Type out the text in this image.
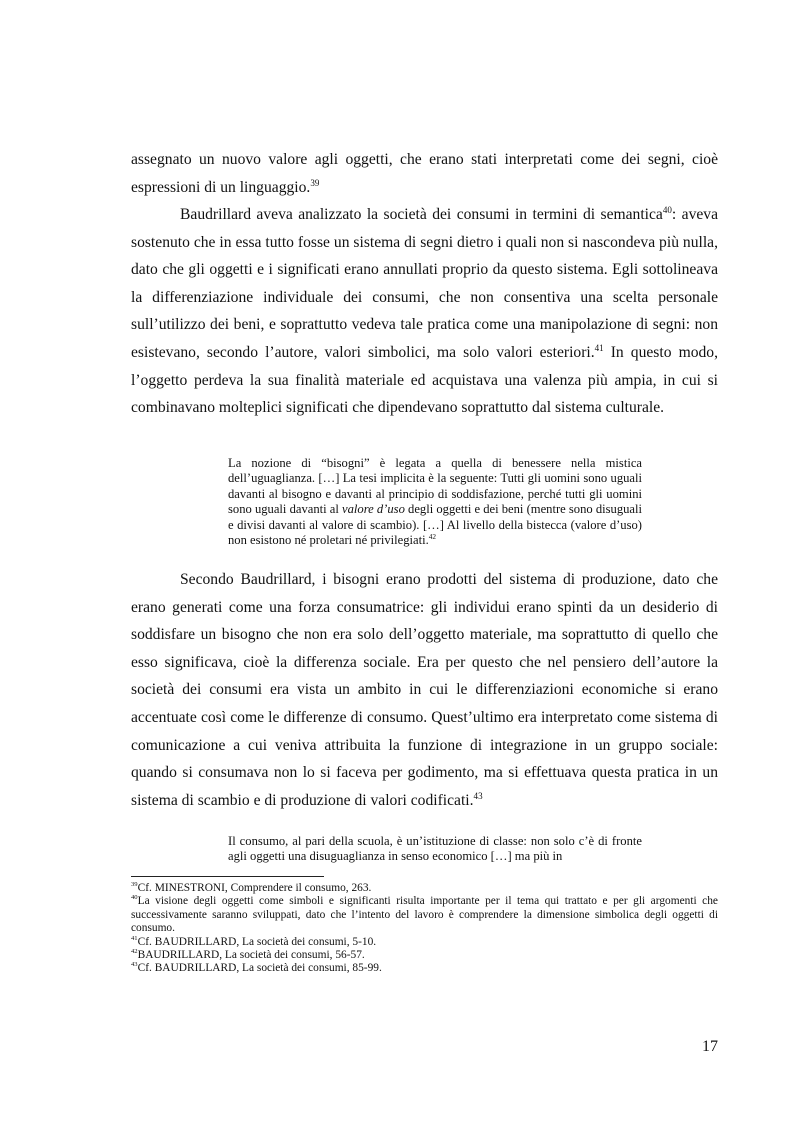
assegnato un nuovo valore agli oggetti, che erano stati interpretati come dei segni, cioè espressioni di un linguaggio.$^{39}$

Baudrillard aveva analizzato la società dei consumi in termini di semantica$^{40}$: aveva sostenuto che in essa tutto fosse un sistema di segni dietro i quali non si nascondeva più nulla, dato che gli oggetti e i significati erano annullati proprio da questo sistema. Egli sottolineava la differenziazione individuale dei consumi, che non consentiva una scelta personale sull’utilizzo dei beni, e soprattutto vedeva tale pratica come una manipolazione di segni: non esistevano, secondo l’autore, valori simbolici, ma solo valori esteriori.$^{41}$ In questo modo, l’oggetto perdeva la sua finalità materiale ed acquistava una valenza più ampia, in cui si combinavano molteplici significati che dipendevano soprattutto dal sistema culturale.

La nozione di “bisogni” è legata a quella di benessere nella mistica dell’uguaglianza. […] La tesi implicita è la seguente: Tutti gli uomini sono uguali davanti al bisogno e davanti al principio di soddisfazione, perché tutti gli uomini sono uguali davanti al valore d’uso degli oggetti e dei beni (mentre sono disuguali e divisi davanti al valore di scambio). […] Al livello della bistecca (valore d’uso) non esistono né proletari né privilegiati.$^{42}$

Secondo Baudrillard, i bisogni erano prodotti del sistema di produzione, dato che erano generati come una forza consumatrice: gli individui erano spinti da un desiderio di soddisfare un bisogno che non era solo dell’oggetto materiale, ma soprattutto di quello che esso significava, cioè la differenza sociale. Era per questo che nel pensiero dell’autore la società dei consumi era vista un ambito in cui le differenziazioni economiche si erano accentuate così come le differenze di consumo. Quest’ultimo era interpretato come sistema di comunicazione a cui veniva attribuita la funzione di integrazione in un gruppo sociale: quando si consumava non lo si faceva per godimento, ma si effettuava questa pratica in un sistema di scambio e di produzione di valori codificati.$^{43}$

Il consumo, al pari della scuola, è un’istituzione di classe: non solo c’è di fronte agli oggetti una disuguaglianza in senso economico […] ma più in

$^{39}$Cf. MINESTRONI, Comprendere il consumo, 263.

$^{40}$La visione degli oggetti come simboli e significanti risulta importante per il tema qui trattato e per gli argomenti che successivamente saranno sviluppati, dato che l’intento del lavoro è comprendere la dimensione simbolica degli oggetti di consumo.

$^{41}$Cf. BAUDRILLARD, La società dei consumi, 5-10.

$^{42}$BAUDRILLARD, La società dei consumi, 56-57.

$^{43}$Cf. BAUDRILLARD, La società dei consumi, 85-99.

17
